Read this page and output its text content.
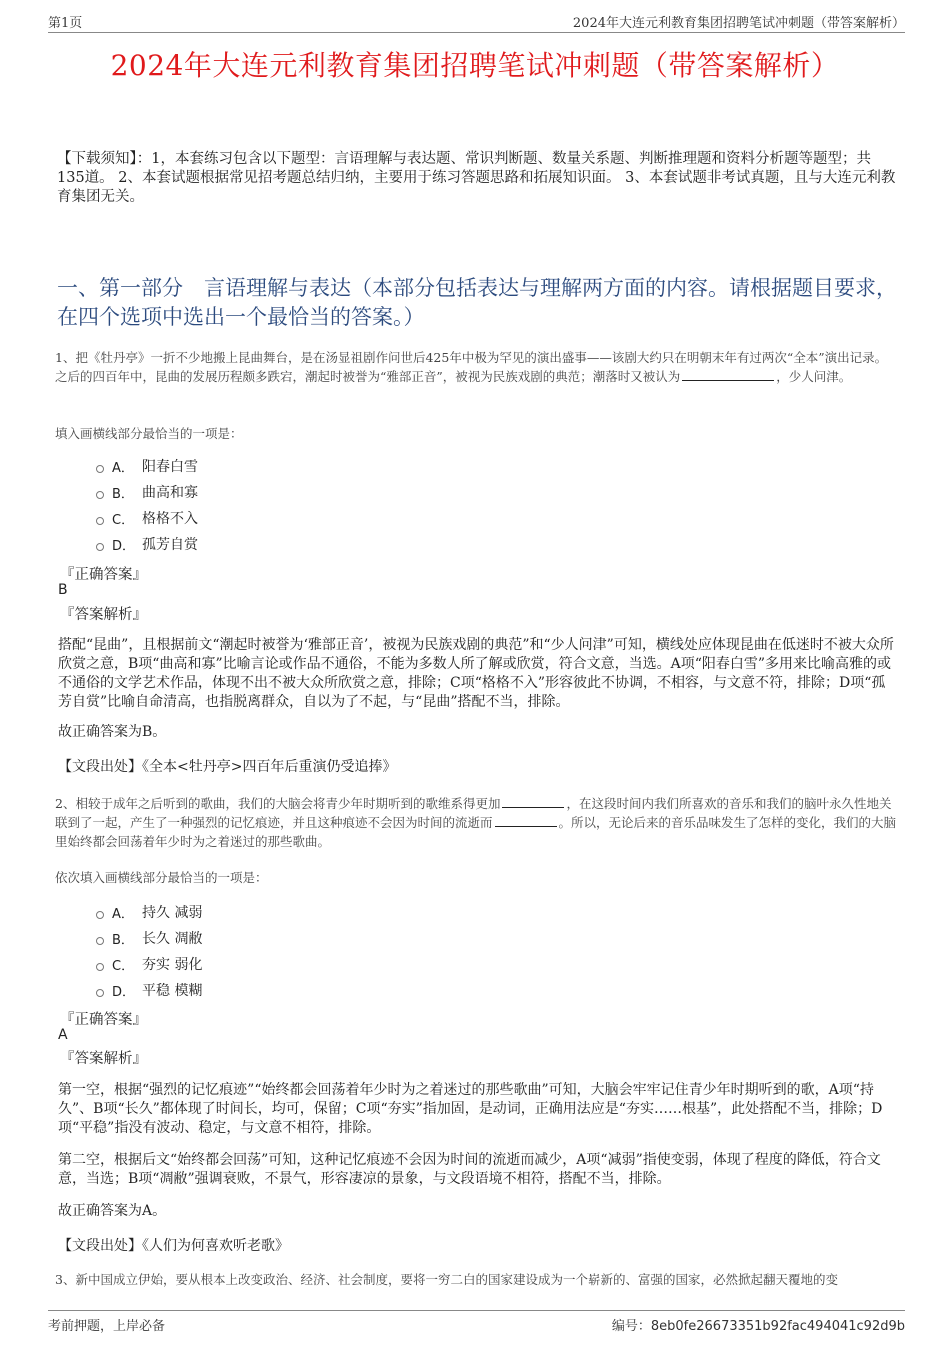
第1页	2024年大连元利教育集团招聘笔试冲刺题（带答案解析）
2024年大连元利教育集团招聘笔试冲刺题（带答案解析）
【下载须知】：1，本套练习包含以下题型：言语理解与表达题、常识判断题、数量关系题、判断推理题和资料分析题等题型；共135道。 2、本套试题根据常见招考题总结归纳，主要用于练习答题思路和拓展知识面。 3、本套试题非考试真题，且与大连元利教育集团无关。
一、第一部分　言语理解与表达（本部分包括表达与理解两方面的内容。请根据题目要求，在四个选项中选出一个最恰当的答案。）
1、把《牡丹亭》一折不少地搬上昆曲舞台，是在汤显祖剧作问世后425年中极为罕见的演出盛事——该剧大约只在明朝末年有过两次“全本”演出记录。之后的四百年中，昆曲的发展历程颇多跌宕，潮起时被誉为“雅部正音”，被视为民族戏剧的典范；潮落时又被认为	，少人问津。
填入画横线部分最恰当的一项是：
A． 阳春白雪
B． 曲高和寡
C． 格格不入
D． 孤芳自赏
『正确答案』
B
『答案解析』
搭配“昆曲”，且根据前文“潮起时被誉为‘雅部正音’，被视为民族戏剧的典范”和“少人问津”可知，横线处应体现昆曲在低迷时不被大众所欣赏之意，B项“曲高和寡”比喻言论或作品不通俗，不能为多数人所了解或欣赏，符合文意，当选。A项“阳春白雪”多用来比喻高雅的或不通俗的文学艺术作品，体现不出不被大众所欣赏之意，排除；C项“格格不入”形容彼此不协调，不相容，与文意不符，排除；D项“孤芳自赏”比喻自命清高，也指脱离群众，自以为了不起，与“昆曲”搭配不当，排除。
故正确答案为B。
【文段出处】《全本<牡丹亭>四百年后重演仍受追捧》
2、相较于成年之后听到的歌曲，我们的大脑会将青少年时期听到的歌维系得更加	，在这段时间内我们所喜欢的音乐和我们的脑叶永久性地关联到了一起，产生了一种强烈的记忆痕迹，并且这种痕迹不会因为时间的流逝而	。所以，无论后来的音乐品味发生了怎样的变化，我们的大脑里始终都会回荡着年少时为之着迷过的那些歌曲。
依次填入画横线部分最恰当的一项是：
A． 持久 减弱
B． 长久 凋敝
C． 夯实 弱化
D． 平稳 模糊
『正确答案』
A
『答案解析』
第一空，根据“强烈的记忆痕迹”“始终都会回荡着年少时为之着迷过的那些歌曲”可知，大脑会牢牢记住青少年时期听到的歌，A项“持久”、B项“长久”都体现了时间长，均可，保留；C项“夯实”指加固，是动词，正确用法应是“夯实……根基”，此处搭配不当，排除；D项“平稳”指没有波动、稳定，与文意不相符，排除。
第二空，根据后文“始终都会回荡”可知，这种记忆痕迹不会因为时间的流逝而减少，A项“减弱”指使变弱，体现了程度的降低，符合文意，当选；B项“凋敝”强调衰败，不景气，形容凄凉的景象，与文段语境不相符，搭配不当，排除。
故正确答案为A。
【文段出处】《人们为何喜欢听老歌》
3、新中国成立伊始，要从根本上改变政治、经济、社会制度，要将一穷二白的国家建设成为一个崭新的、富强的国家，必然掀起翻天覆地的变
考前押题，上岸必备	编号：8eb0fe26673351b92fac494041c92d9b
